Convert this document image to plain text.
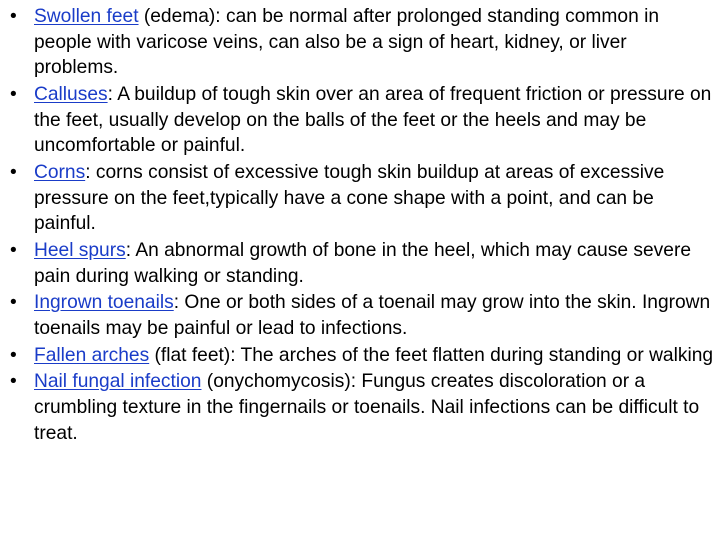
• Swollen feet (edema): can be normal after prolonged standing common in people with varicose veins, can also be a sign of heart, kidney, or liver problems.
• Calluses: A buildup of tough skin over an area of frequent friction or pressure on the feet, usually develop on the balls of the feet or the heels and may be uncomfortable or painful.
• Corns: corns consist of excessive tough skin buildup at areas of excessive pressure on the feet,typically have a cone shape with a point, and can be painful.
• Heel spurs: An abnormal growth of bone in the heel, which may cause severe pain during walking or standing.
• Ingrown toenails: One or both sides of a toenail may grow into the skin. Ingrown toenails may be painful or lead to infections.
• Fallen arches (flat feet): The arches of the feet flatten during standing or walking
• Nail fungal infection (onychomycosis): Fungus creates discoloration or a crumbling texture in the fingernails or toenails. Nail infections can be difficult to treat.
